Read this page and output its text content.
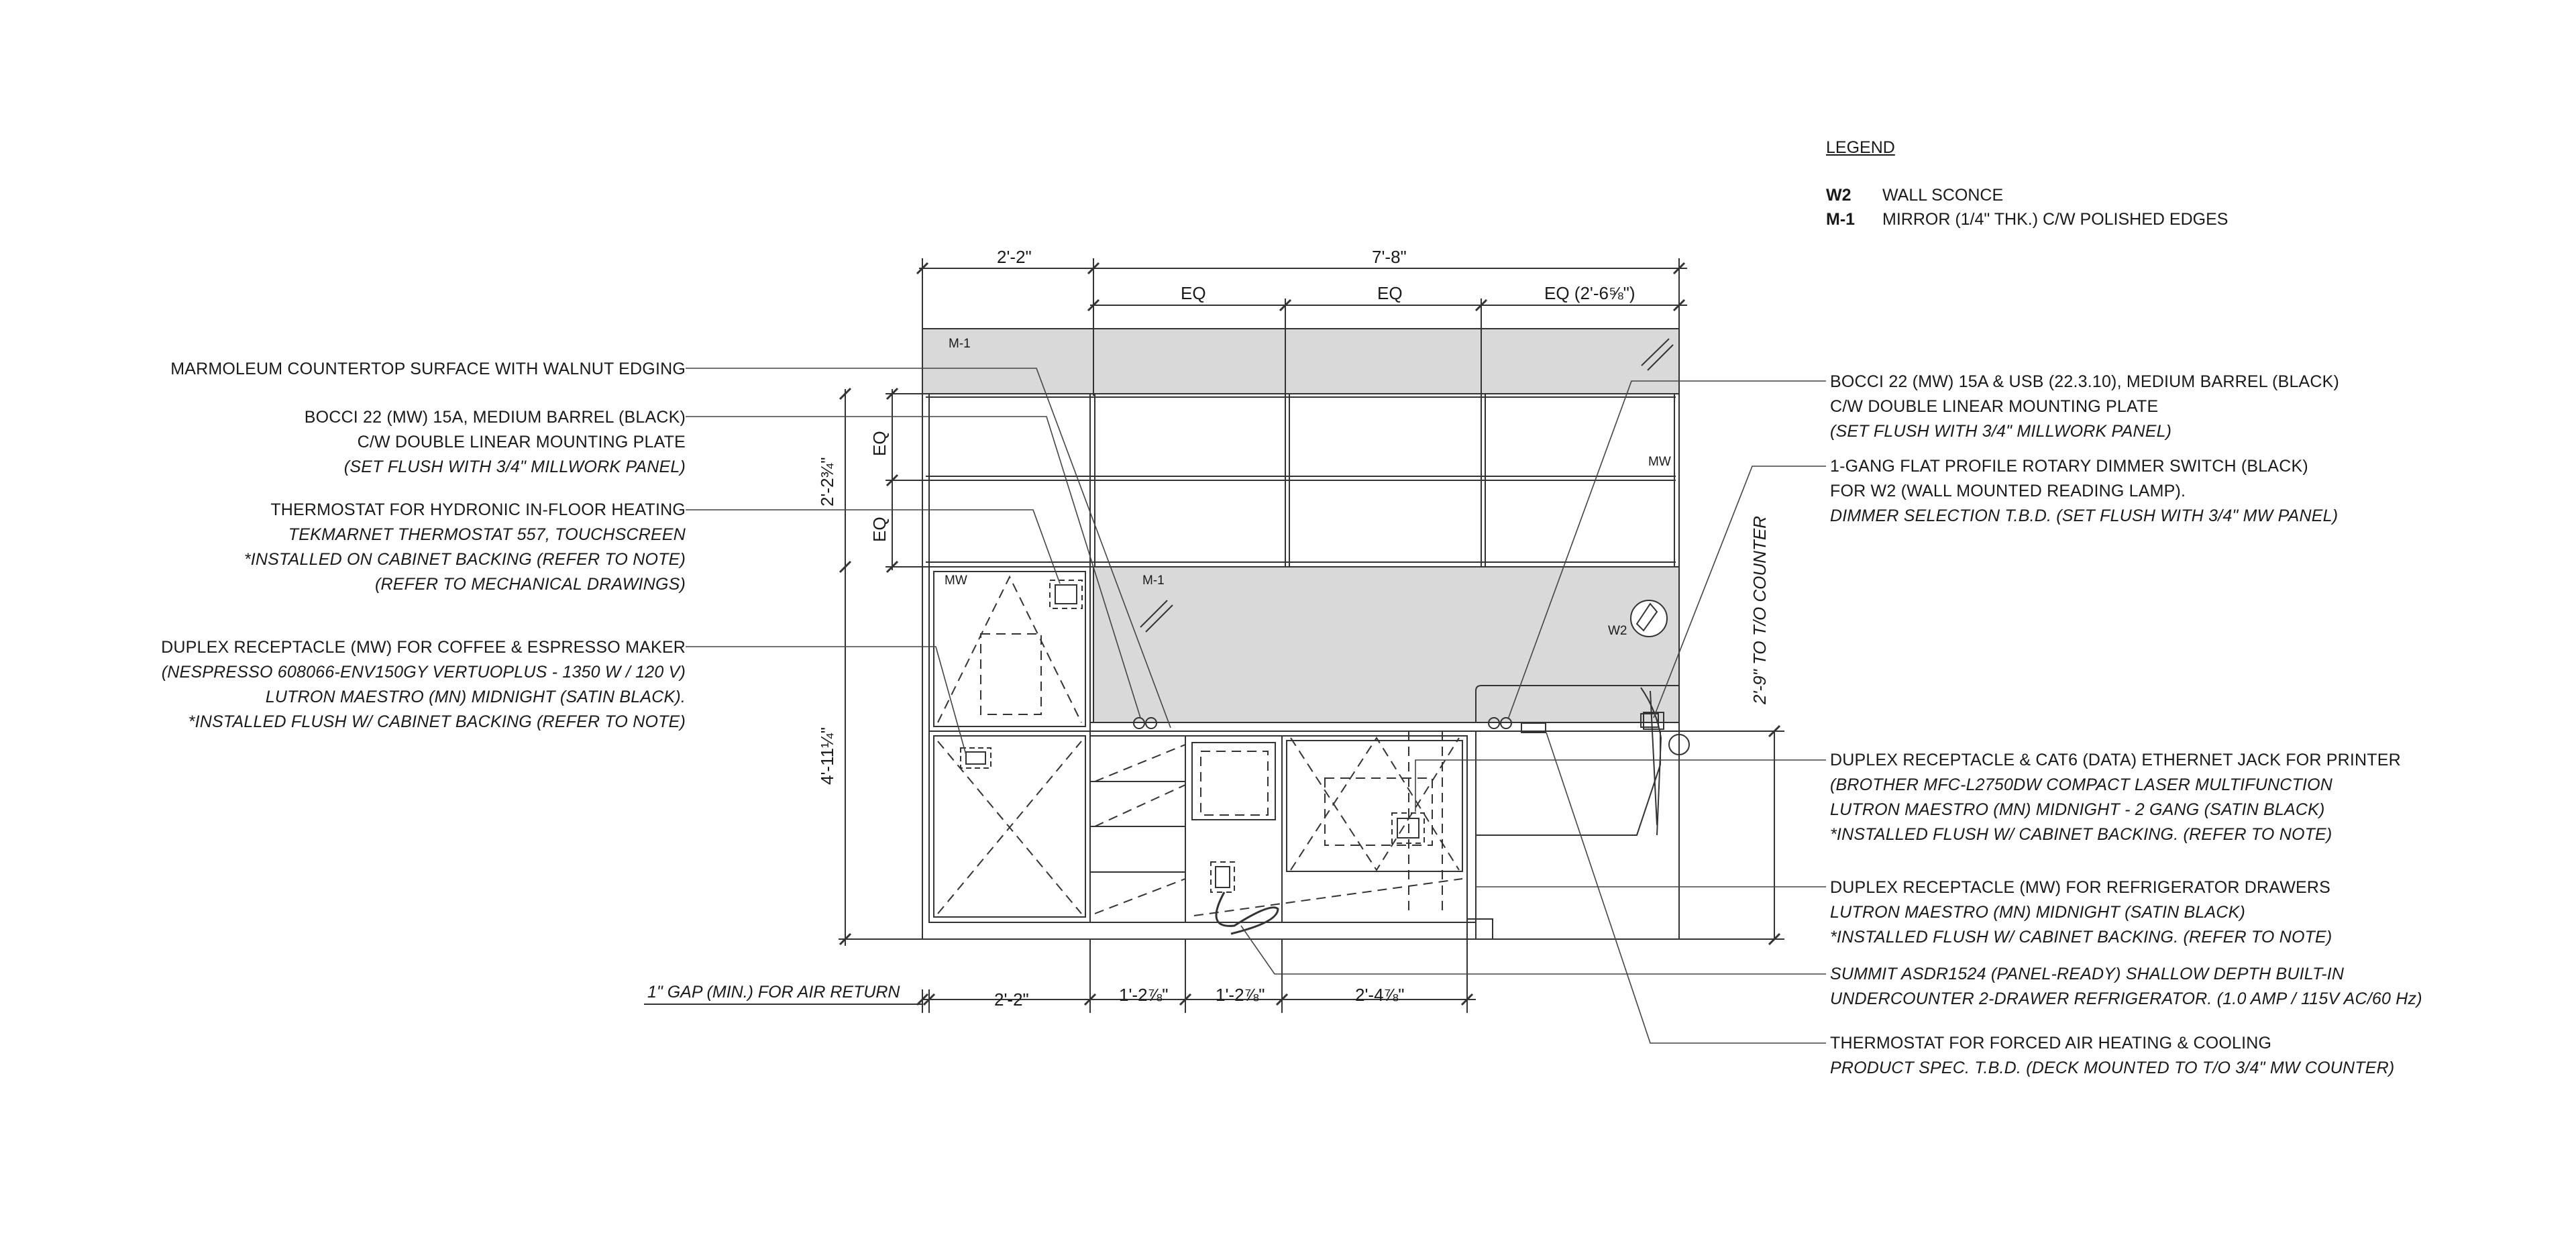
LEGEND
W2 WALL SCONCE
M-1 MIRROR (1/4" THK.) C/W POLISHED EDGES
2'-2"	7'-8"
EQ	EQ	EQ (2'-6⅝")
EQ
EQ
2'-2¾"
4'-11¼"
2'-2"	1'-2⅞"	1'-2⅞"	2'-4⅞"
2'-9" TO T/O COUNTER
1" GAP (MIN.) FOR AIR RETURN
M-1
M-1
MW
MW
W2
MARMOLEUM COUNTERTOP SURFACE WITH WALNUT EDGING
BOCCI 22 (MW) 15A, MEDIUM BARREL (BLACK)
C/W DOUBLE LINEAR MOUNTING PLATE
(SET FLUSH WITH 3/4" MILLWORK PANEL)
THERMOSTAT FOR HYDRONIC IN-FLOOR HEATING
TEKMARNET THERMOSTAT 557, TOUCHSCREEN
*INSTALLED ON CABINET BACKING (REFER TO NOTE)
(REFER TO MECHANICAL DRAWINGS)
DUPLEX RECEPTACLE (MW) FOR COFFEE & ESPRESSO MAKER
(NESPRESSO 608066-ENV150GY VERTUOPLUS - 1350 W / 120 V)
LUTRON MAESTRO (MN) MIDNIGHT (SATIN BLACK).
*INSTALLED FLUSH W/ CABINET BACKING (REFER TO NOTE)
BOCCI 22 (MW) 15A & USB (22.3.10), MEDIUM BARREL (BLACK)
C/W DOUBLE LINEAR MOUNTING PLATE
(SET FLUSH WITH 3/4" MILLWORK PANEL)
1-GANG FLAT PROFILE ROTARY DIMMER SWITCH (BLACK)
FOR W2 (WALL MOUNTED READING LAMP).
DIMMER SELECTION T.B.D. (SET FLUSH WITH 3/4" MW PANEL)
DUPLEX RECEPTACLE & CAT6 (DATA) ETHERNET JACK FOR PRINTER
(BROTHER MFC-L2750DW COMPACT LASER MULTIFUNCTION
LUTRON MAESTRO (MN) MIDNIGHT - 2 GANG (SATIN BLACK)
*INSTALLED FLUSH W/ CABINET BACKING. (REFER TO NOTE)
DUPLEX RECEPTACLE (MW) FOR REFRIGERATOR DRAWERS
LUTRON MAESTRO (MN) MIDNIGHT (SATIN BLACK)
*INSTALLED FLUSH W/ CABINET BACKING. (REFER TO NOTE)
SUMMIT ASDR1524 (PANEL-READY) SHALLOW DEPTH BUILT-IN
UNDERCOUNTER 2-DRAWER REFRIGERATOR. (1.0 AMP / 115V AC/60 Hz)
THERMOSTAT FOR FORCED AIR HEATING & COOLING
PRODUCT SPEC. T.B.D. (DECK MOUNTED TO T/O 3/4" MW COUNTER)
